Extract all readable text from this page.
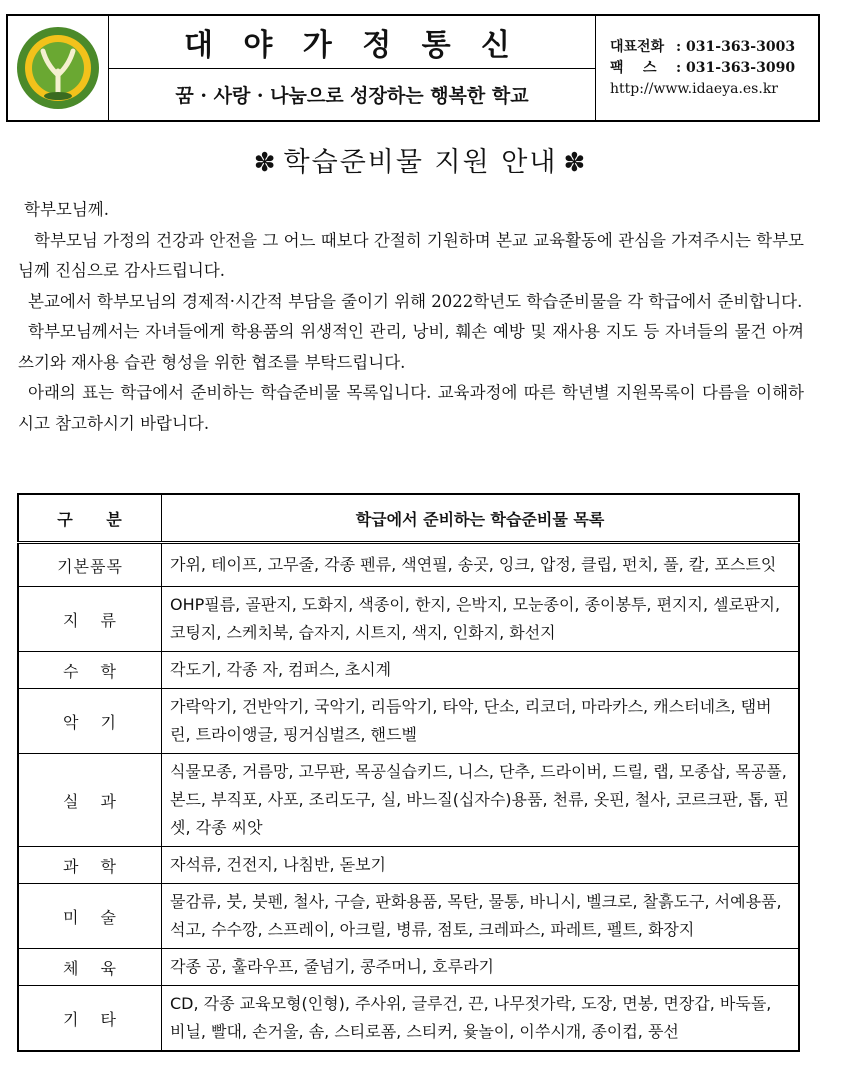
대 야 가 정 통 신
꿈 · 사랑 · 나눔으로 성장하는 행복한 학교
대표전화 : 031-363-3003
팩    스	: 031-363-3090
http://www.idaeya.es.kr
✽ 학습준비물 지원 안내 ✽

학부모님께.

학부모님 가정의 건강과 안전을 그 어느 때보다 간절히 기원하며 본교 교육활동에 관심을 가져주시는 학부모님께 진심으로 감사드립니다.

본교에서 학부모님의 경제적·시간적 부담을 줄이기 위해 2022학년도 학습준비물을 각 학급에서 준비합니다.

학부모님께서는 자녀들에게 학용품의 위생적인 관리, 낭비, 훼손 예방 및 재사용 지도 등 자녀들의 물건 아껴쓰기와 재사용 습관 형성을 위한 협조를 부탁드립니다.

아래의 표는 학급에서 준비하는 학습준비물 목록입니다. 교육과정에 따른 학년별 지원목록이 다름을 이해하시고 참고하시기 바랍니다.

구 분	학급에서 준비하는 학습준비물 목록
기본품목	가위, 테이프, 고무줄, 각종 펜류, 색연필, 송곳, 잉크, 압정, 클립, 펀치, 풀, 칼, 포스트잇
지류	OHP필름, 골판지, 도화지, 색종이, 한지, 은박지, 모눈종이, 종이봉투, 편지지, 셀로판지, 코팅지, 스케치북, 습자지, 시트지, 색지, 인화지, 화선지
수학	각도기, 각종 자, 컴퍼스, 초시계
악기	가락악기, 건반악기, 국악기, 리듬악기, 타악, 단소, 리코더, 마라카스, 캐스터네츠, 탬버린, 트라이앵글, 핑거심벌즈, 핸드벨
실과	식물모종, 거름망, 고무판, 목공실습키드, 니스, 단추, 드라이버, 드릴, 랩, 모종삽, 목공풀, 본드, 부직포, 사포, 조리도구, 실, 바느질(십자수)용품, 천류, 옷핀, 철사, 코르크판, 톱, 핀셋, 각종 씨앗
과학	자석류, 건전지, 나침반, 돋보기
미술	물감류, 붓, 붓펜, 철사, 구슬, 판화용품, 목탄, 물통, 바니시, 벨크로, 찰흙도구, 서예용품, 석고, 수수깡, 스프레이, 아크릴, 병류, 점토, 크레파스, 파레트, 펠트, 화장지
체육	각종 공, 훌라우프, 줄넘기, 콩주머니, 호루라기
기타	CD, 각종 교육모형(인형), 주사위, 글루건, 끈, 나무젓가락, 도장, 면봉, 면장갑, 바둑돌, 비닐, 빨대, 손거울, 솜, 스티로폼, 스티커, 윷놀이, 이쑤시개, 종이컵, 풍선
